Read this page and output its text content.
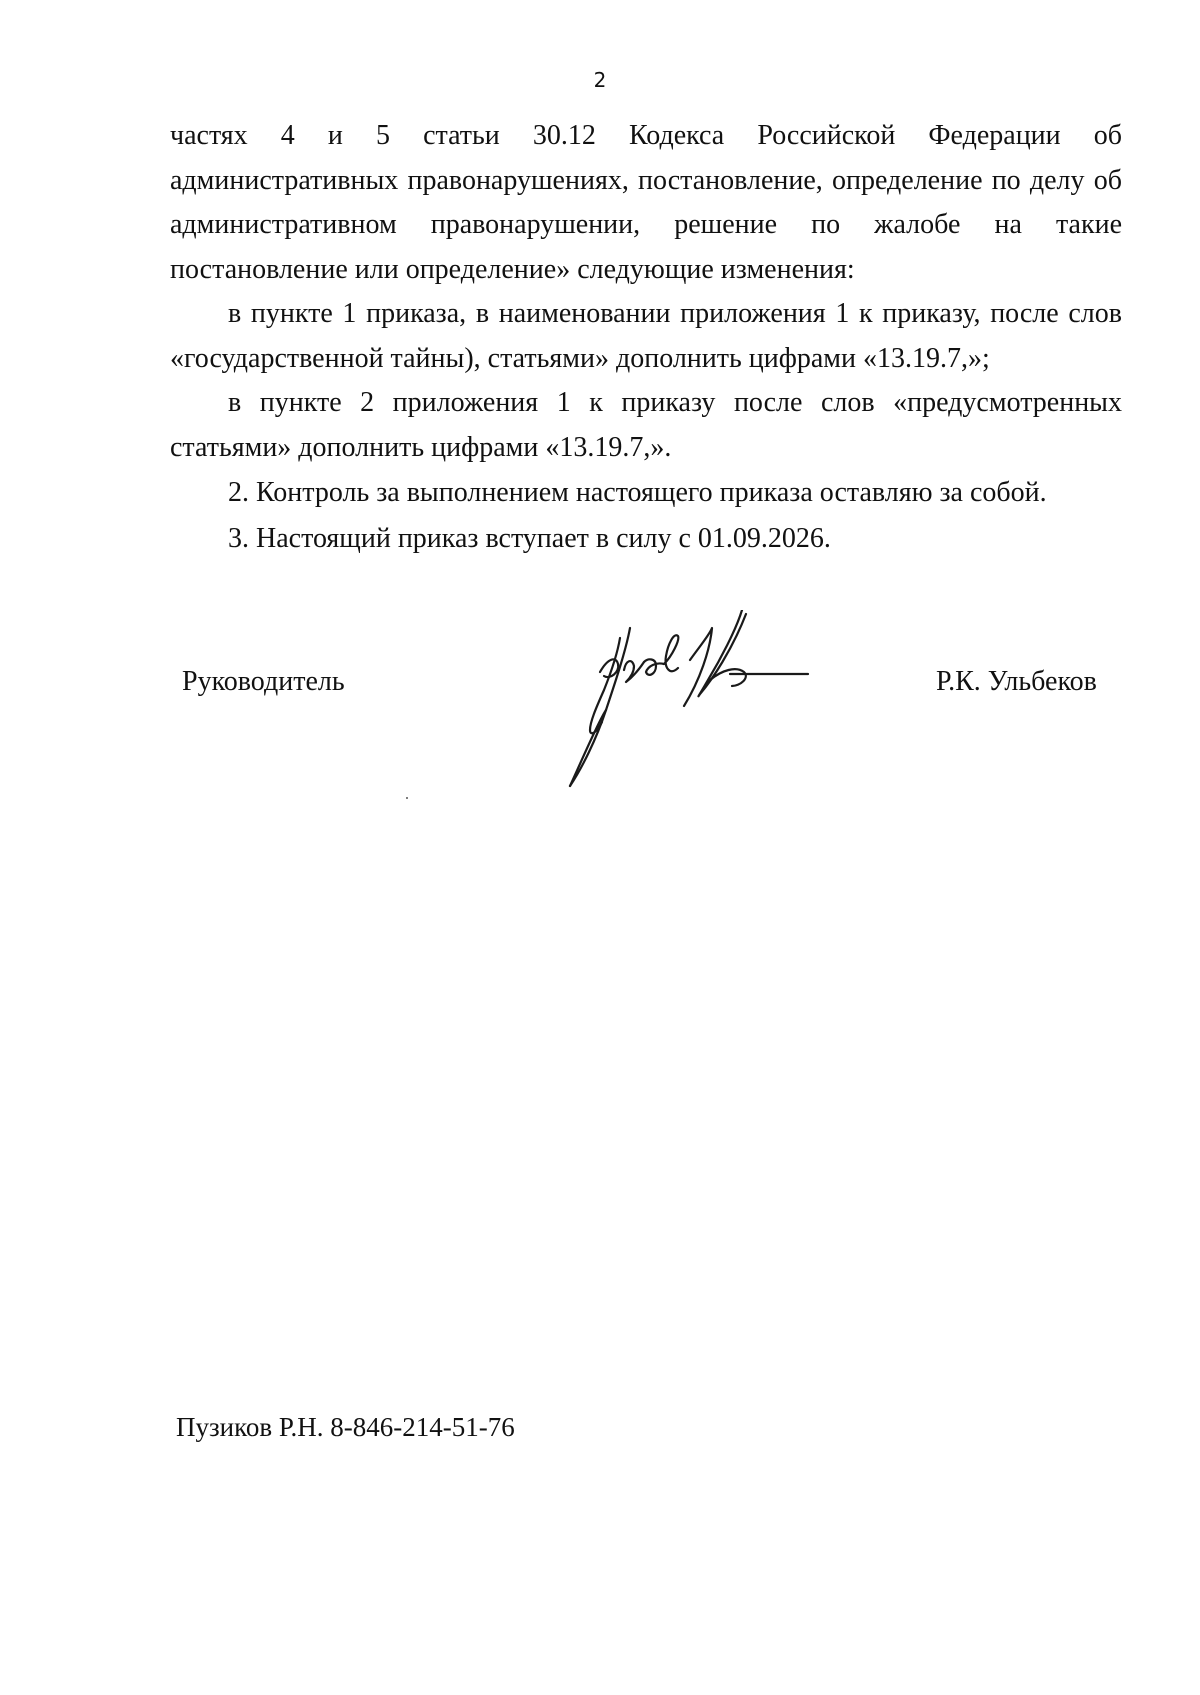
2

частях 4 и 5 статьи 30.12 Кодекса Российской Федерации об административных правонарушениях, постановление, определение по делу об административном правонарушении, решение по жалобе на такие постановление или определение» следующие изменения:

в пункте 1 приказа, в наименовании приложения 1 к приказу, после слов «государственной тайны), статьями» дополнить цифрами «13.19.7,»;

в пункте 2 приложения 1 к приказу после слов «предусмотренных статьями» дополнить цифрами «13.19.7,».

2. Контроль за выполнением настоящего приказа оставляю за собой.

3. Настоящий приказ вступает в силу с 01.09.2026.

Руководитель	Р.К. Ульбеков
Пузиков Р.Н. 8-846-214-51-76
